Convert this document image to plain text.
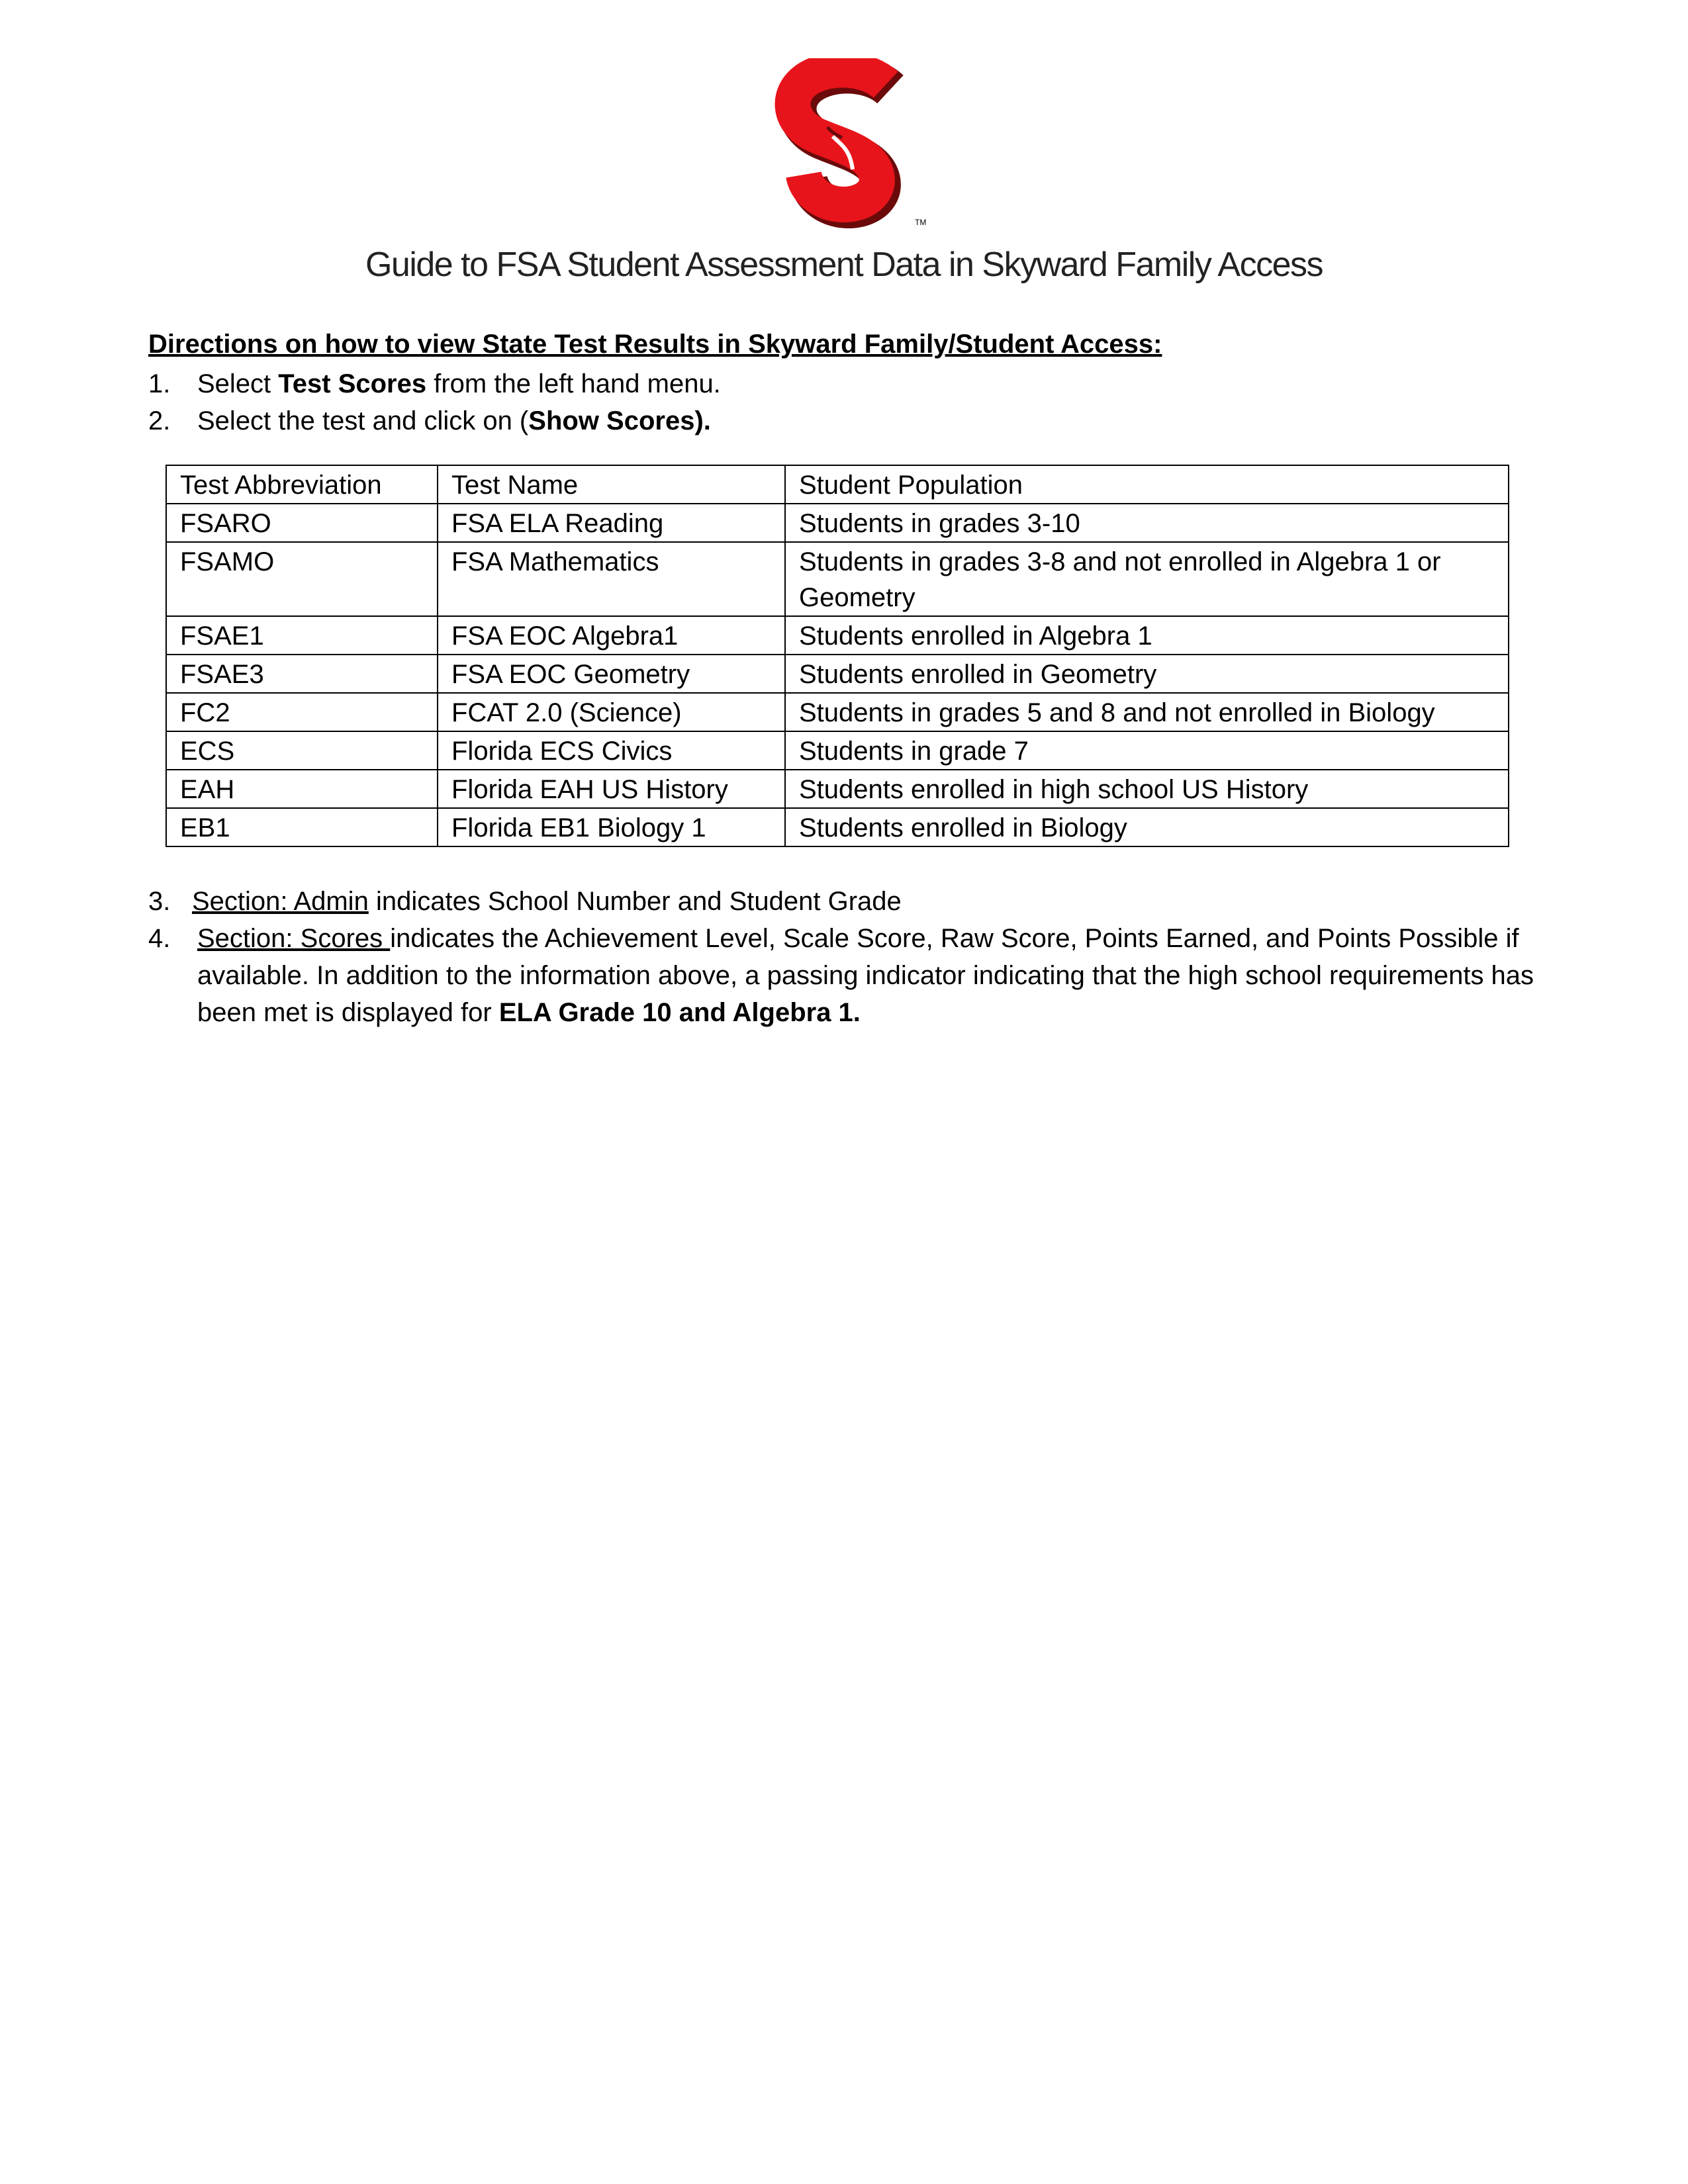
TM
Guide to FSA Student Assessment Data in Skyward Family Access
Directions on how to view State Test Results in Skyward Family/Student Access:
1. Select Test Scores from the left hand menu.
2. Select the test and click on (Show Scores).
Test Abbreviation	Test Name	Student Population
FSARO	FSA ELA Reading	Students in grades 3-10
FSAMO	FSA Mathematics	Students in grades 3-8 and not enrolled in Algebra 1 or Geometry
FSAE1	FSA EOC Algebra1	Students enrolled in Algebra 1
FSAE3	FSA EOC Geometry	Students enrolled in Geometry
FC2	FCAT 2.0 (Science)	Students in grades 5 and 8 and not enrolled in Biology
ECS	Florida ECS Civics	Students in grade 7
EAH	Florida EAH US History	Students enrolled in high school US History
EB1	Florida EB1 Biology 1	Students enrolled in Biology
3. Section: Admin indicates School Number and Student Grade
4. Section: Scores indicates the Achievement Level, Scale Score, Raw Score, Points Earned, and Points Possible if available. In addition to the information above, a passing indicator indicating that the high school requirements has been met is displayed for ELA Grade 10 and Algebra 1.
